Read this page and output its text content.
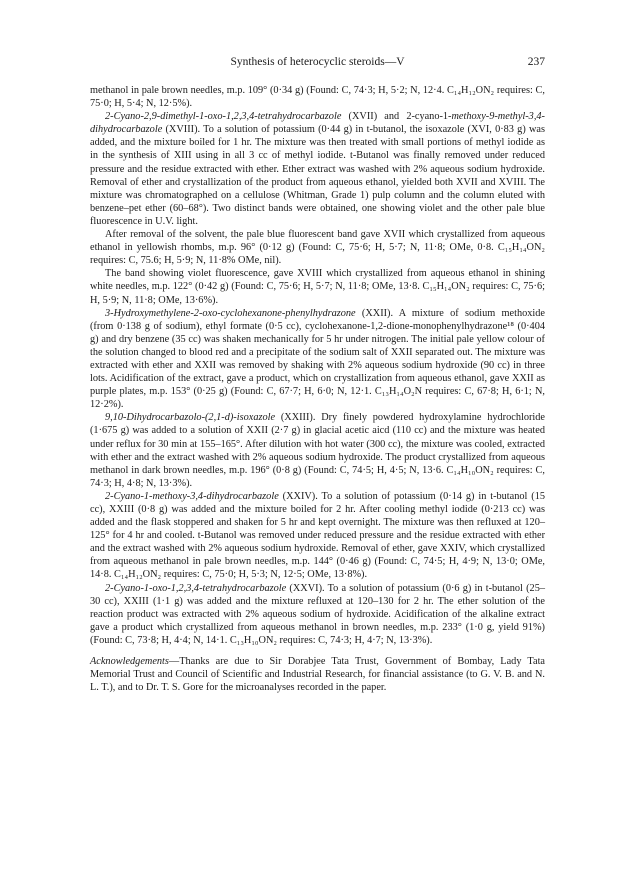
Synthesis of heterocyclic steroids—V	237

methanol in pale brown needles, m.p. 109° (0·34 g) (Found: C, 74·3; H, 5·2; N, 12·4. C₁₄H₁₂ON₂ requires: C, 75·0; H, 5·4; N, 12·5%).

2-Cyano-2,9-dimethyl-1-oxo-1,2,3,4-tetrahydrocarbazole (XVII) and 2-cyano-1-methoxy-9-methyl-3,4-dihydrocarbazole (XVIII). To a solution of potassium (0·44 g) in t-butanol, the isoxazole (XVI, 0·83 g) was added, and the mixture boiled for 1 hr. The mixture was then treated with small portions of methyl iodide as in the synthesis of XIII using in all 3 cc of methyl iodide. t-Butanol was finally removed under reduced pressure and the residue extracted with ether. Ether extract was washed with 2% aqueous sodium hydroxide. Removal of ether and crystallization of the product from aqueous ethanol, yielded both XVII and XVIII. The mixture was chromatographed on a cellulose (Whitman, Grade 1) pulp column and the column eluted with benzene–pet ether (60–68°). Two distinct bands were obtained, one showing violet and the other pale blue fluorescence in U.V. light.

After removal of the solvent, the pale blue fluorescent band gave XVII which crystallized from aqueous ethanol in yellowish rhombs, m.p. 96° (0·12 g) (Found: C, 75·6; H, 5·7; N, 11·8; OMe, 0·8. C₁₅H₁₄ON₂ requires: C, 75.6; H, 5·9; N, 11·8% OMe, nil).

The band showing violet fluorescence, gave XVIII which crystallized from aqueous ethanol in shining white needles, m.p. 122° (0·42 g) (Found: C, 75·6; H, 5·7; N, 11·8; OMe, 13·8. C₁₅H₁₄ON₂ requires: C, 75·6; H, 5·9; N, 11·8; OMe, 13·6%).

3-Hydroxymethylene-2-oxo-cyclohexanone-phenylhydrazone (XXII). A mixture of sodium methoxide (from 0·138 g of sodium), ethyl formate (0·5 cc), cyclohexanone-1,2-dione-monophenylhydrazone¹⁸ (0·404 g) and dry benzene (35 cc) was shaken mechanically for 5 hr under nitrogen. The initial pale yellow colour of the solution changed to blood red and a precipitate of the sodium salt of XXII separated out. The mixture was extracted with ether and XXII was removed by shaking with 2% aqueous sodium hydroxide (90 cc) in three lots. Acidification of the extract, gave a product, which on crystallization from aqueous ethanol, gave XXII as purple plates, m.p. 153° (0·25 g) (Found: C, 67·7; H, 6·0; N, 12·1. C₁₃H₁₄O₂N requires: C, 67·8; H, 6·1; N, 12·2%).

9,10-Dihydrocarbazolo-(2,1-d)-isoxazole (XXIII). Dry finely powdered hydroxylamine hydrochloride (1·675 g) was added to a solution of XXII (2·7 g) in glacial acetic aicd (110 cc) and the mixture was heated under reflux for 30 min at 155–165°. After dilution with hot water (300 cc), the mixture was cooled, extracted with ether and the extract washed with 2% aqueous sodium hydroxide. The product crystallized from aqueous methanol in dark brown needles, m.p. 196° (0·8 g) (Found: C, 74·5; H, 4·5; N, 13·6. C₁₄H₁₀ON₂ requires: C, 74·3; H, 4·8; N, 13·3%).

2-Cyano-1-methoxy-3,4-dihydrocarbazole (XXIV). To a solution of potassium (0·14 g) in t-butanol (15 cc), XXIII (0·8 g) was added and the mixture boiled for 2 hr. After cooling methyl iodide (0·213 cc) was added and the flask stoppered and shaken for 5 hr and kept overnight. The mixture was then refluxed at 120–125° for 4 hr and cooled. t-Butanol was removed under reduced pressure and the residue extracted with ether and the extract washed with 2% aqueous sodium hydroxide. Removal of ether, gave XXIV, which crystallized from aqueous methanol in pale brown needles, m.p. 144° (0·46 g) (Found: C, 74·5; H, 4·9; N, 13·0; OMe, 14·8. C₁₄H₁₂ON₂ requires: C, 75·0; H, 5·3; N, 12·5; OMe, 13·8%).

2-Cyano-1-oxo-1,2,3,4-tetrahydrocarbazole (XXVI). To a solution of potassium (0·6 g) in t-butanol (25–30 cc), XXIII (1·1 g) was added and the mixture refluxed at 120–130 for 2 hr. The ether solution of the reaction product was extracted with 2% aqueous sodium of hydroxide. Acidification of the alkaline extract gave a product which crystallized from aqueous methanol in brown needles, m.p. 233° (1·0 g, yield 91%) (Found: C, 73·8; H, 4·4; N, 14·1. C₁₃H₁₀ON₂ requires: C, 74·3; H, 4·7; N, 13·3%).

Acknowledgements—Thanks are due to Sir Dorabjee Tata Trust, Government of Bombay, Lady Tata Memorial Trust and Council of Scientific and Industrial Research, for financial assistance (to G. V. B. and N. L. T.), and to Dr. T. S. Gore for the microanalyses recorded in the paper.
